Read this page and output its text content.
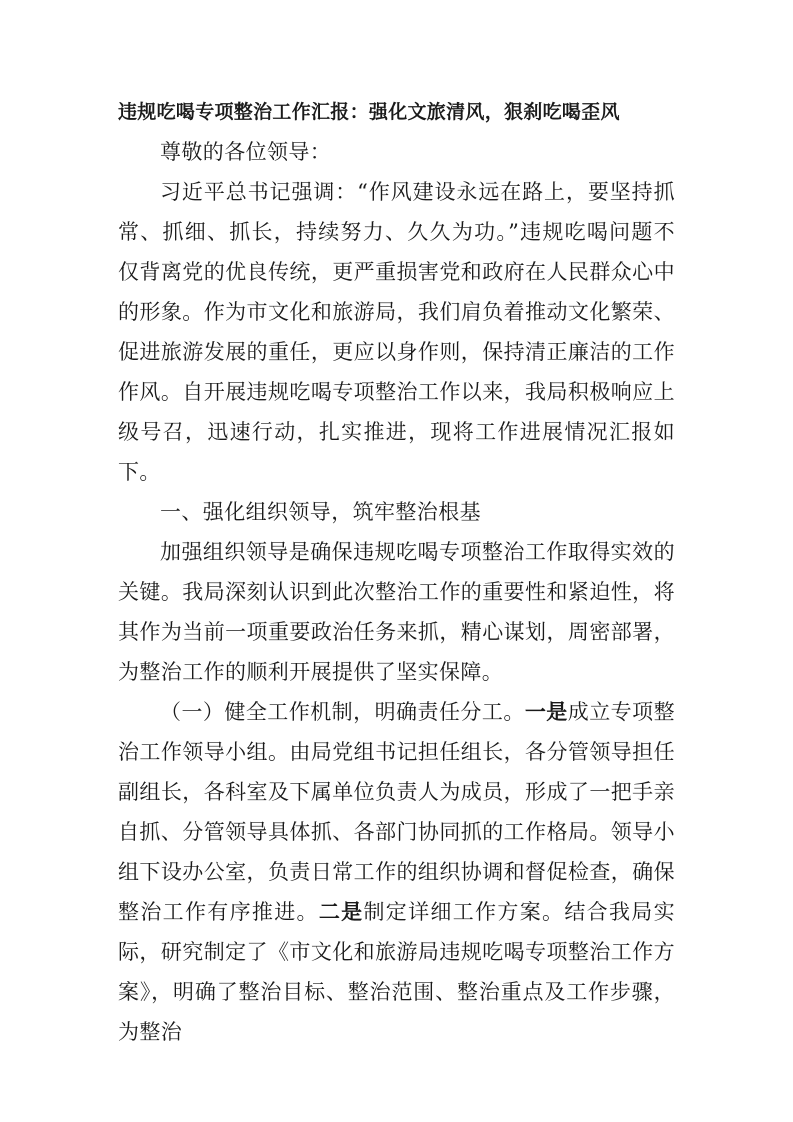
违规吃喝专项整治工作汇报：强化文旅清风，狠刹吃喝歪风

尊敬的各位领导：

习近平总书记强调：“作风建设永远在路上，要坚持抓常、抓细、抓长，持续努力、久久为功。”违规吃喝问题不仅背离党的优良传统，更严重损害党和政府在人民群众心中的形象。作为市文化和旅游局，我们肩负着推动文化繁荣、促进旅游发展的重任，更应以身作则，保持清正廉洁的工作作风。自开展违规吃喝专项整治工作以来，我局积极响应上级号召，迅速行动，扎实推进，现将工作进展情况汇报如下。

一、强化组织领导，筑牢整治根基

加强组织领导是确保违规吃喝专项整治工作取得实效的关键。我局深刻认识到此次整治工作的重要性和紧迫性，将其作为当前一项重要政治任务来抓，精心谋划，周密部署，为整治工作的顺利开展提供了坚实保障。

（一）健全工作机制，明确责任分工。一是成立专项整治工作领导小组。由局党组书记担任组长，各分管领导担任副组长，各科室及下属单位负责人为成员，形成了一把手亲自抓、分管领导具体抓、各部门协同抓的工作格局。领导小组下设办公室，负责日常工作的组织协调和督促检查，确保整治工作有序推进。二是制定详细工作方案。结合我局实际，研究制定了《市文化和旅游局违规吃喝专项整治工作方案》，明确了整治目标、整治范围、整治重点及工作步骤，为整治
